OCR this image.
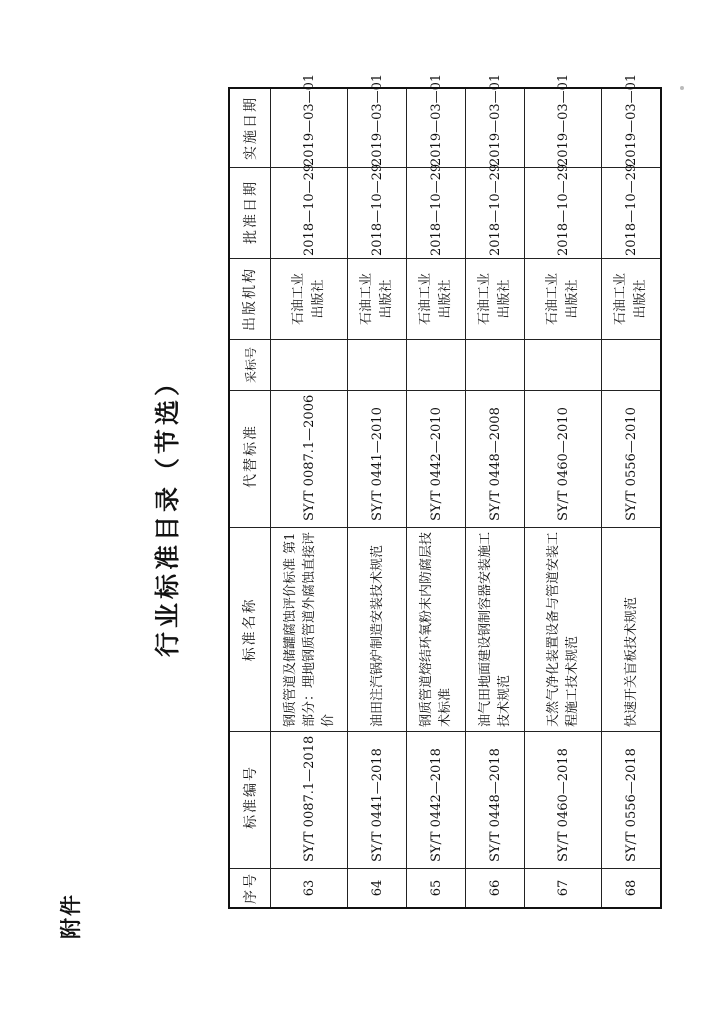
附件
行业标准目录（节选）
序号	标准编号	标准名称	代替标准	采标号	出版机构	批准日期	实施日期
63	SY/T 0087.1—2018	钢质管道及储罐腐蚀评价标准 第1部分：埋地钢质管道外腐蚀直接评价	SY/T 0087.1—2006		石油工业 出版社	2018—10—29	2019—03—01
64	SY/T 0441—2018	油田注汽锅炉制造安装技术规范	SY/T 0441—2010		石油工业 出版社	2018—10—29	2019—03—01
65	SY/T 0442—2018	钢质管道熔结环氧粉末内防腐层技术标准	SY/T 0442—2010		石油工业 出版社	2018—10—29	2019—03—01
66	SY/T 0448—2018	油气田地面建设钢制容器安装施工技术规范	SY/T 0448—2008		石油工业 出版社	2018—10—29	2019—03—01
67	SY/T 0460—2018	天然气净化装置设备与管道安装工程施工技术规范	SY/T 0460—2010		石油工业 出版社	2018—10—29	2019—03—01
68	SY/T 0556—2018	快速开关盲板技术规范	SY/T 0556—2010		石油工业 出版社	2018—10—29	2019—03—01
